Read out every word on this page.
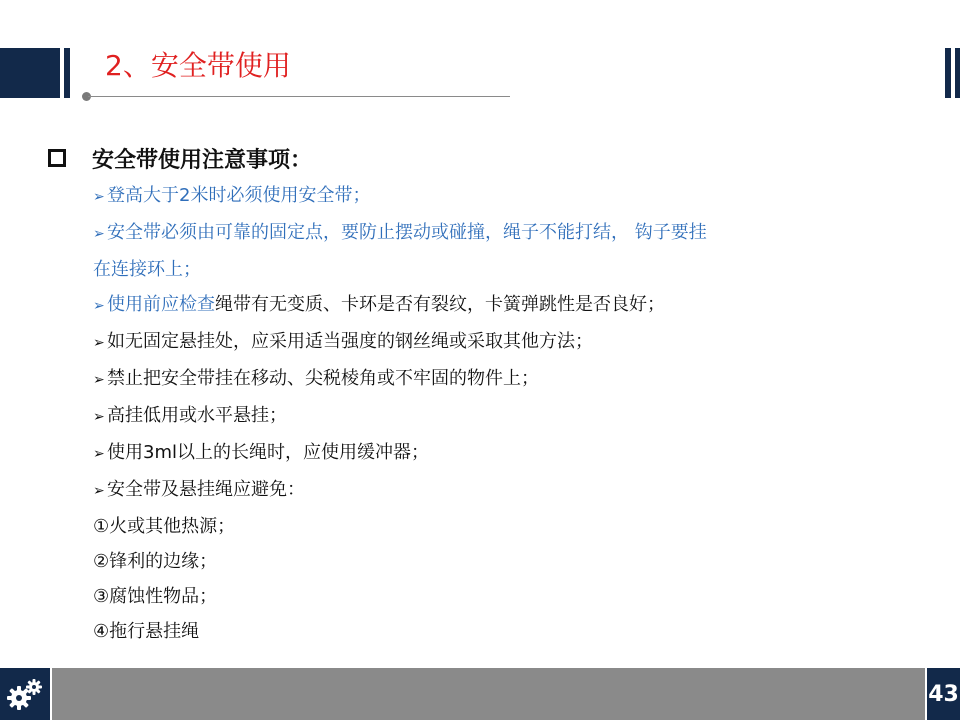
2、安全带使用
安全带使用注意事项：
➢ 登高大于2米时必须使用安全带；
➢ 安全带必须由可靠的固定点，要防止摆动或碰撞，绳子不能打结， 钩子要挂
在连接环上；
➢ 使用前应检查绳带有无变质、卡环是否有裂纹，卡簧弹跳性是否良好；
➢ 如无固定悬挂处，应采用适当强度的钢丝绳或采取其他方法；
➢ 禁止把安全带挂在移动、尖税棱角或不牢固的物件上；
➢ 高挂低用或水平悬挂；
➢ 使用3ml以上的长绳时，应使用缓冲器；
➢ 安全带及悬挂绳应避免：
①火或其他热源；
②锋利的边缘；
③腐蚀性物品；
④拖行悬挂绳
43
